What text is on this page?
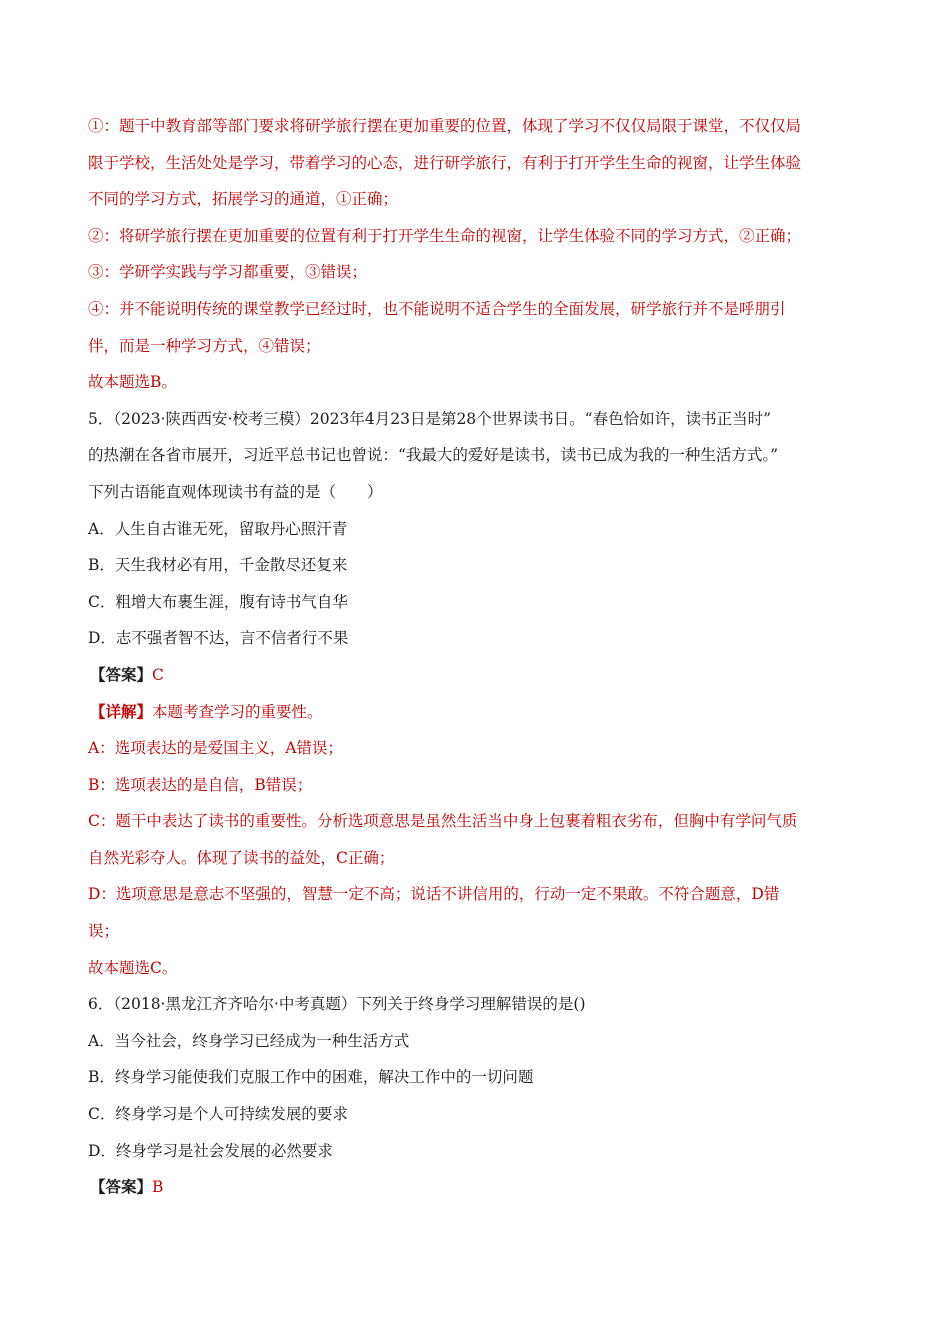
①：题干中教育部等部门要求将研学旅行摆在更加重要的位置，体现了学习不仅仅局限于课堂，不仅仅局
限于学校，生活处处是学习，带着学习的心态，进行研学旅行，有利于打开学生生命的视窗，让学生体验
不同的学习方式，拓展学习的通道，①正确；
②：将研学旅行摆在更加重要的位置有利于打开学生生命的视窗，让学生体验不同的学习方式，②正确；
③：学研学实践与学习都重要，③错误；
④：并不能说明传统的课堂教学已经过时，也不能说明不适合学生的全面发展，研学旅行并不是呼朋引
伴，而是一种学习方式，④错误；
故本题选B。
5．（2023·陕西西安·校考三模）2023年4月23日是第28个世界读书日。“春色恰如许，读书正当时”
的热潮在各省市展开，习近平总书记也曾说：“我最大的爱好是读书，读书已成为我的一种生活方式。”
下列古语能直观体现读书有益的是（　　）
A．人生自古谁无死，留取丹心照汗青
B．天生我材必有用，千金散尽还复来
C．粗增大布裹生涯，腹有诗书气自华
D．志不强者智不达，言不信者行不果
【答案】C
【详解】本题考查学习的重要性。
A：选项表达的是爱国主义，A错误；
B：选项表达的是自信，B错误；
C：题干中表达了读书的重要性。分析选项意思是虽然生活当中身上包裹着粗衣劣布，但胸中有学问气质
自然光彩夺人。体现了读书的益处，C正确；
D：选项意思是意志不坚强的，智慧一定不高；说话不讲信用的，行动一定不果敢。不符合题意，D错
误；
故本题选C。
6．（2018·黑龙江齐齐哈尔·中考真题）下列关于终身学习理解错误的是()
A．当今社会，终身学习已经成为一种生活方式
B．终身学习能使我们克服工作中的困难，解决工作中的一切问题
C．终身学习是个人可持续发展的要求
D．终身学习是社会发展的必然要求
【答案】B
